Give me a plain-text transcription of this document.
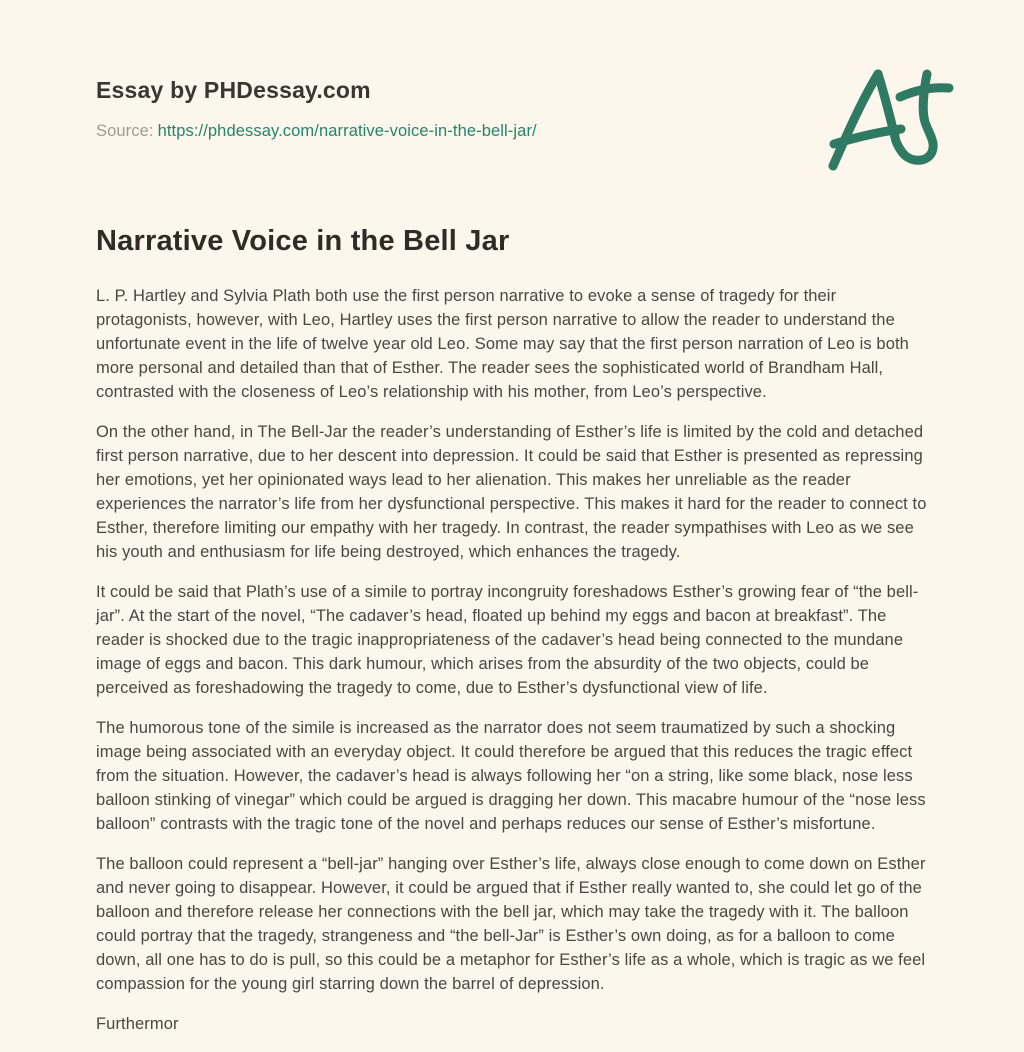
Essay by PHDessay.com
Source: https://phdessay.com/narrative-voice-in-the-bell-jar/
Narrative Voice in the Bell Jar

L. P. Hartley and Sylvia Plath both use the first person narrative to evoke a sense of tragedy for their protagonists, however, with Leo, Hartley uses the first person narrative to allow the reader to understand the unfortunate event in the life of twelve year old Leo. Some may say that the first person narration of Leo is both more personal and detailed than that of Esther. The reader sees the sophisticated world of Brandham Hall, contrasted with the closeness of Leo’s relationship with his mother, from Leo’s perspective.

On the other hand, in The Bell-Jar the reader’s understanding of Esther’s life is limited by the cold and detached first person narrative, due to her descent into depression. It could be said that Esther is presented as repressing her emotions, yet her opinionated ways lead to her alienation. This makes her unreliable as the reader experiences the narrator’s life from her dysfunctional perspective. This makes it hard for the reader to connect to Esther, therefore limiting our empathy with her tragedy. In contrast, the reader sympathises with Leo as we see his youth and enthusiasm for life being destroyed, which enhances the tragedy.

It could be said that Plath’s use of a simile to portray incongruity foreshadows Esther’s growing fear of “the bell-jar”. At the start of the novel, “The cadaver’s head, floated up behind my eggs and bacon at breakfast”. The reader is shocked due to the tragic inappropriateness of the cadaver’s head being connected to the mundane image of eggs and bacon. This dark humour, which arises from the absurdity of the two objects, could be perceived as foreshadowing the tragedy to come, due to Esther’s dysfunctional view of life.

The humorous tone of the simile is increased as the narrator does not seem traumatized by such a shocking image being associated with an everyday object. It could therefore be argued that this reduces the tragic effect from the situation. However, the cadaver’s head is always following her “on a string, like some black, nose less balloon stinking of vinegar” which could be argued is dragging her down. This macabre humour of the “nose less balloon” contrasts with the tragic tone of the novel and perhaps reduces our sense of Esther’s misfortune.

The balloon could represent a “bell-jar” hanging over Esther’s life, always close enough to come down on Esther and never going to disappear. However, it could be argued that if Esther really wanted to, she could let go of the balloon and therefore release her connections with the bell jar, which may take the tragedy with it. The balloon could portray that the tragedy, strangeness and “the bell-Jar” is Esther’s own doing, as for a balloon to come down, all one has to do is pull, so this could be a metaphor for Esther’s life as a whole, which is tragic as we feel compassion for the young girl starring down the barrel of depression.

Furthermor
